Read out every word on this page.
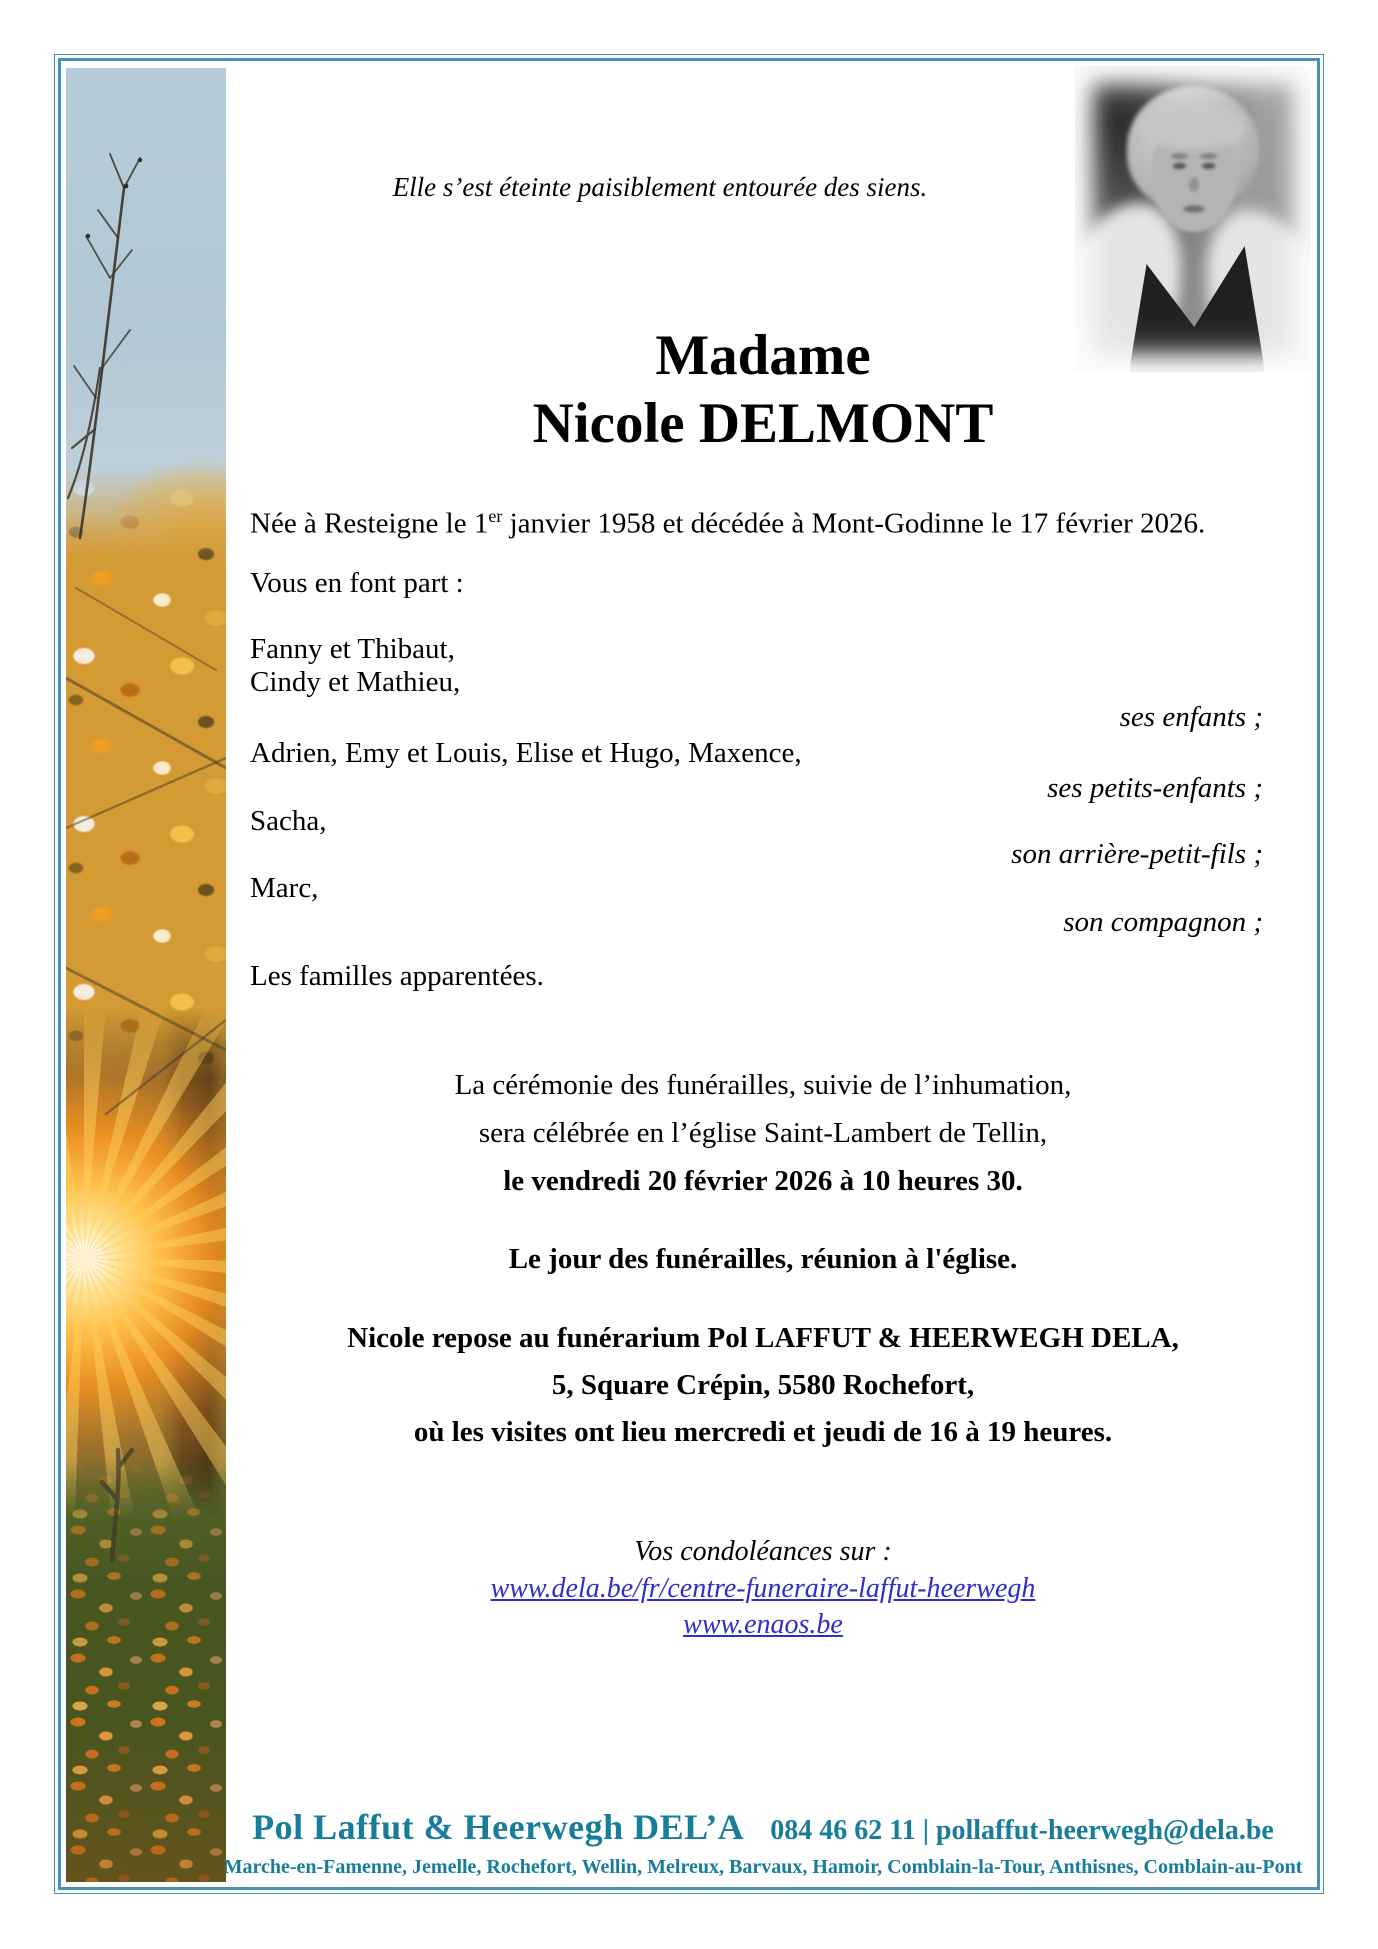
Elle s’est éteinte paisiblement entourée des siens.
Madame
Nicole DELMONT
Née à Resteigne le 1er janvier 1958 et décédée à Mont-Godinne le 17 février 2026.
Vous en font part :
Fanny et Thibaut,
Cindy et Mathieu,
ses enfants ;
Adrien, Emy et Louis, Elise et Hugo, Maxence,
ses petits-enfants ;
Sacha,
son arrière-petit-fils ;
Marc,
son compagnon ;
Les familles apparentées.
La cérémonie des funérailles, suivie de l’inhumation,
sera célébrée en l’église Saint-Lambert de Tellin,
le vendredi 20 février 2026 à 10 heures 30.
Le jour des funérailles, réunion à l'église.
Nicole repose au funérarium Pol LAFFUT & HEERWEGH DELA,
5, Square Crépin, 5580 Rochefort,
où les visites ont lieu mercredi et jeudi de 16 à 19 heures.
Vos condoléances sur :
www.dela.be/fr/centre-funeraire-laffut-heerwegh
www.enaos.be
Pol Laffut & Heerwegh DEL’A 084 46 62 11 | pollaffut-heerwegh@dela.be
Marche-en-Famenne, Jemelle, Rochefort, Wellin, Melreux, Barvaux, Hamoir, Comblain-la-Tour, Anthisnes, Comblain-au-Pont
